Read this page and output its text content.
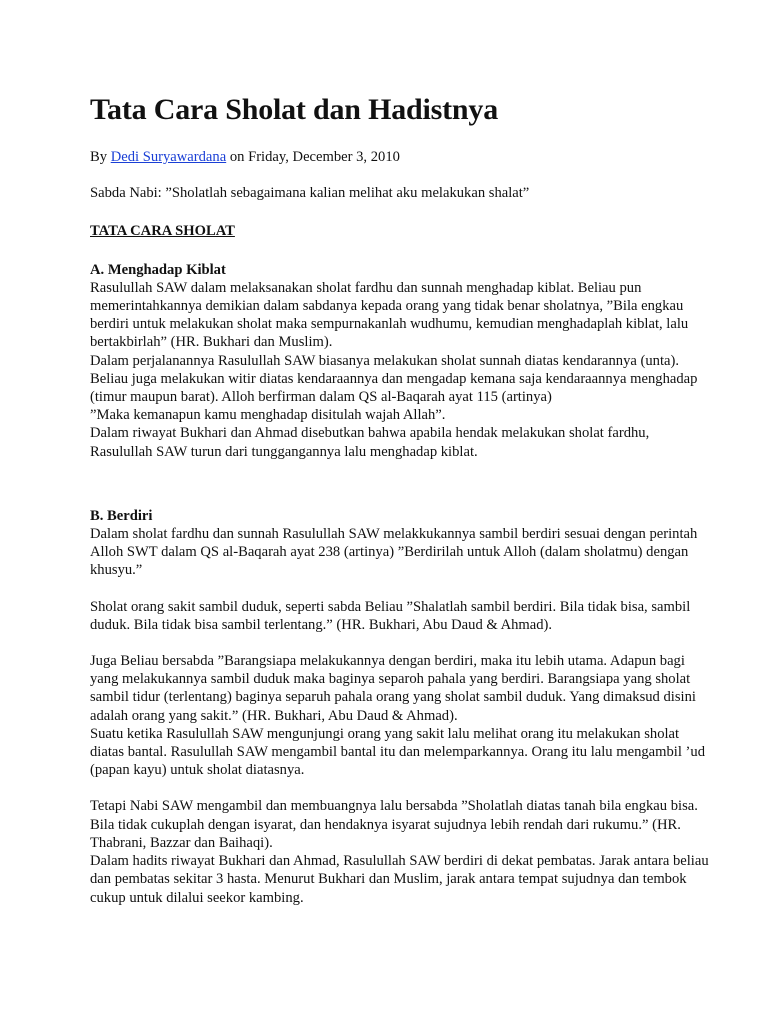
Tata Cara Sholat dan Hadistnya

By Dedi Suryawardana on Friday, December 3, 2010

Sabda Nabi: ”Sholatlah sebagaimana kalian melihat aku melakukan shalat”

TATA CARA SHOLAT

A. Menghadap Kiblat

Rasulullah SAW dalam melaksanakan sholat fardhu dan sunnah menghadap kiblat. Beliau pun memerintahkannya demikian dalam sabdanya kepada orang yang tidak benar sholatnya, ”Bila engkau berdiri untuk melakukan sholat maka sempurnakanlah wudhumu, kemudian menghadaplah kiblat, lalu bertakbirlah” (HR. Bukhari dan Muslim).

Dalam perjalanannya Rasulullah SAW biasanya melakukan sholat sunnah diatas kendarannya (unta). Beliau juga melakukan witir diatas kendaraannya dan mengadap kemana saja kendaraannya menghadap (timur maupun barat). Alloh berfirman dalam QS al-Baqarah ayat 115 (artinya)

”Maka kemanapun kamu menghadap disitulah wajah Allah”.

Dalam riwayat Bukhari dan Ahmad disebutkan bahwa apabila hendak melakukan sholat fardhu, Rasulullah SAW turun dari tunggangannya lalu menghadap kiblat.

B. Berdiri

Dalam sholat fardhu dan sunnah Rasulullah SAW melakkukannya sambil berdiri sesuai dengan perintah Alloh SWT dalam QS al-Baqarah ayat 238 (artinya) ”Berdirilah untuk Alloh (dalam sholatmu) dengan khusyu.”

Sholat orang sakit sambil duduk, seperti sabda Beliau ”Shalatlah sambil berdiri. Bila tidak bisa, sambil duduk. Bila tidak bisa sambil terlentang.” (HR. Bukhari, Abu Daud & Ahmad).

Juga Beliau bersabda ”Barangsiapa melakukannya dengan berdiri, maka itu lebih utama. Adapun bagi yang melakukannya sambil duduk maka baginya separoh pahala yang berdiri. Barangsiapa yang sholat sambil tidur (terlentang) baginya separuh pahala orang yang sholat sambil duduk. Yang dimaksud disini adalah orang yang sakit.” (HR. Bukhari, Abu Daud & Ahmad).

Suatu ketika Rasulullah SAW mengunjungi orang yang sakit lalu melihat orang itu melakukan sholat diatas bantal. Rasulullah SAW mengambil bantal itu dan melemparkannya. Orang itu lalu mengambil ’ud (papan kayu) untuk sholat diatasnya.

Tetapi Nabi SAW mengambil dan membuangnya lalu bersabda ”Sholatlah diatas tanah bila engkau bisa. Bila tidak cukuplah dengan isyarat, dan hendaknya isyarat sujudnya lebih rendah dari rukumu.” (HR. Thabrani, Bazzar dan Baihaqi).

Dalam hadits riwayat Bukhari dan Ahmad, Rasulullah SAW berdiri di dekat pembatas. Jarak antara beliau dan pembatas sekitar 3 hasta. Menurut Bukhari dan Muslim, jarak antara tempat sujudnya dan tembok cukup untuk dilalui seekor kambing.
